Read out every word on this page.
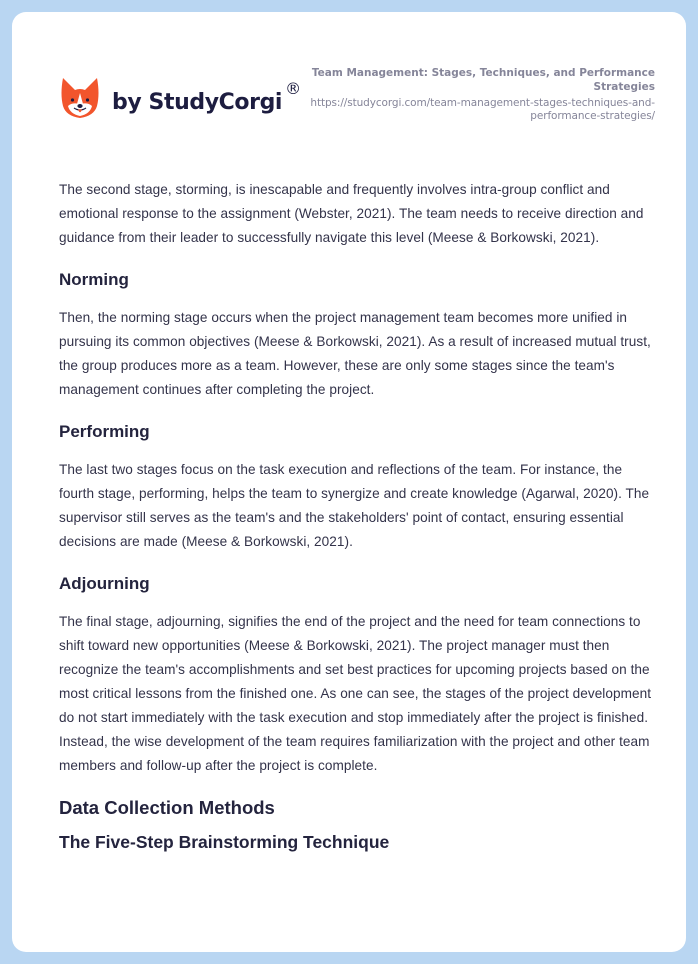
by StudyCorgi
®
Team Management: Stages, Techniques, and Performance Strategies
https://studycorgi.com/team-management-stages-techniques-and-performance-strategies/

The second stage, storming, is inescapable and frequently involves intra-group conflict and emotional response to the assignment (Webster, 2021). The team needs to receive direction and guidance from their leader to successfully navigate this level (Meese & Borkowski, 2021).

Norming

Then, the norming stage occurs when the project management team becomes more unified in pursuing its common objectives (Meese & Borkowski, 2021). As a result of increased mutual trust, the group produces more as a team. However, these are only some stages since the team's management continues after completing the project.

Performing

The last two stages focus on the task execution and reflections of the team. For instance, the fourth stage, performing, helps the team to synergize and create knowledge (Agarwal, 2020). The supervisor still serves as the team's and the stakeholders' point of contact, ensuring essential decisions are made (Meese & Borkowski, 2021).

Adjourning

The final stage, adjourning, signifies the end of the project and the need for team connections to shift toward new opportunities (Meese & Borkowski, 2021). The project manager must then recognize the team's accomplishments and set best practices for upcoming projects based on the most critical lessons from the finished one. As one can see, the stages of the project development do not start immediately with the task execution and stop immediately after the project is finished. Instead, the wise development of the team requires familiarization with the project and other team members and follow-up after the project is complete.

Data Collection Methods
The Five-Step Brainstorming Technique
